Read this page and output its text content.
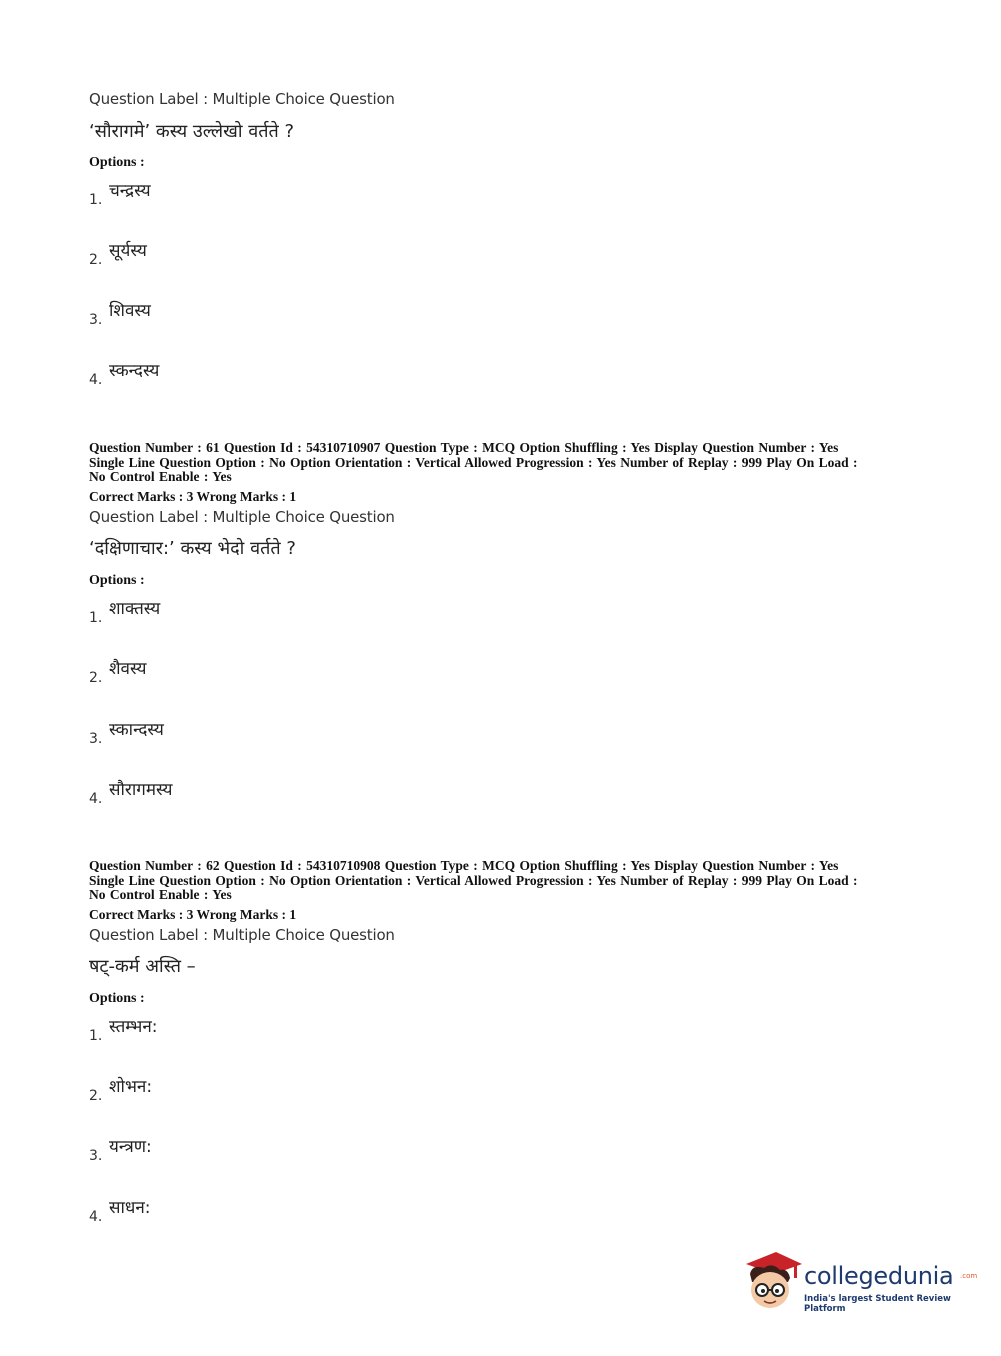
Question Label : Multiple Choice Question
‘सौरागमे’ कस्य उल्लेखो वर्तते ?
Options :
1. चन्द्रस्य
2. सूर्यस्य
3. शिवस्य
4. स्कन्दस्य
Question Number : 61 Question Id : 54310710907 Question Type : MCQ Option Shuffling : Yes Display Question Number : Yes
Single Line Question Option : No Option Orientation : Vertical Allowed Progression : Yes Number of Replay : 999 Play On Load :
No Control Enable : Yes
Correct Marks : 3 Wrong Marks : 1
Question Label : Multiple Choice Question
‘दक्षिणाचार:’ कस्य भेदो वर्तते ?
Options :
1. शाक्तस्य
2. शैवस्य
3. स्कान्दस्य
4. सौरागमस्य
Question Number : 62 Question Id : 54310710908 Question Type : MCQ Option Shuffling : Yes Display Question Number : Yes
Single Line Question Option : No Option Orientation : Vertical Allowed Progression : Yes Number of Replay : 999 Play On Load :
No Control Enable : Yes
Correct Marks : 3 Wrong Marks : 1
Question Label : Multiple Choice Question
षट्-कर्म अस्ति –
Options :
1. स्तम्भन:
2. शोभन:
3. यन्त्रण:
4. साधन:
collegedunia .com
India's largest Student Review Platform
